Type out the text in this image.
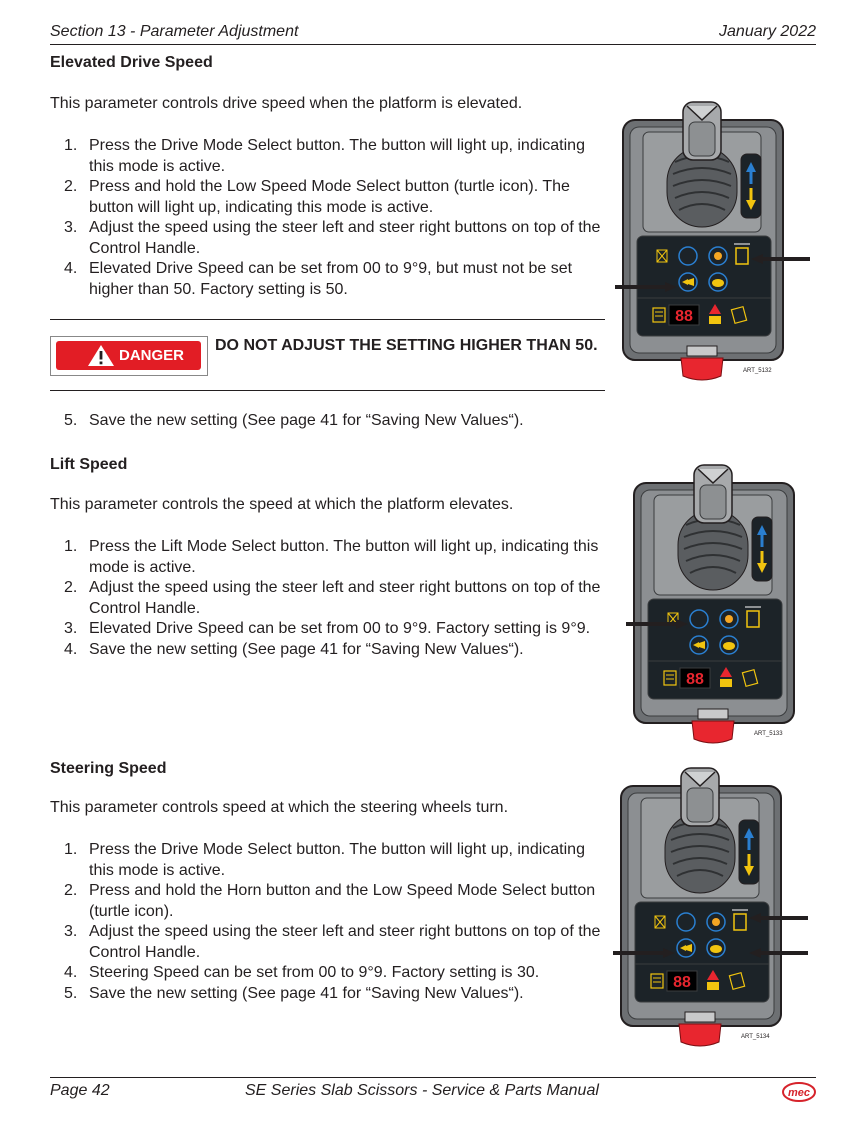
Section 13 - Parameter Adjustment	January 2022
Elevated Drive Speed

This parameter controls drive speed when the platform is elevated.

1. Press the Drive Mode Select button. The button will light up, indicating this mode is active.
2. Press and hold the Low Speed Mode Select button (turtle icon). The button will light up, indicating this mode is active.
3. Adjust the speed using the steer left and steer right buttons on top of the Control Handle.
4. Elevated Drive Speed can be set from 00 to 9°9, but must not be set higher than 50. Factory setting is 50.
DANGER
DO NOT ADJUST THE SETTING HIGHER THAN 50.
5. Save the new setting (See page 41 for “Saving New Values“).
Lift Speed

This parameter controls the speed at which the platform elevates.

1. Press the Lift Mode Select button. The button will light up, indicating this mode is active.
2. Adjust the speed using the steer left and steer right buttons on top of the Control Handle.
3. Elevated Drive Speed can be set from 00 to 9°9. Factory setting is 9°9.
4. Save the new setting (See page 41 for “Saving New Values“).
Steering Speed

This parameter controls speed at which the steering wheels turn.

1. Press the Drive Mode Select button. The button will light up, indicating this mode is active.
2. Press and hold the Horn button and the Low Speed Mode Select button (turtle icon).
3. Adjust the speed using the steer left and steer right buttons on top of the Control Handle.
4. Steering Speed can be set from 00 to 9°9. Factory setting is 30.
5. Save the new setting (See page 41 for “Saving New Values“).
88
ART_5132
88
ART_5133
88
ART_5134
Page 42	SE Series Slab Scissors - Service & Parts Manual	mec
